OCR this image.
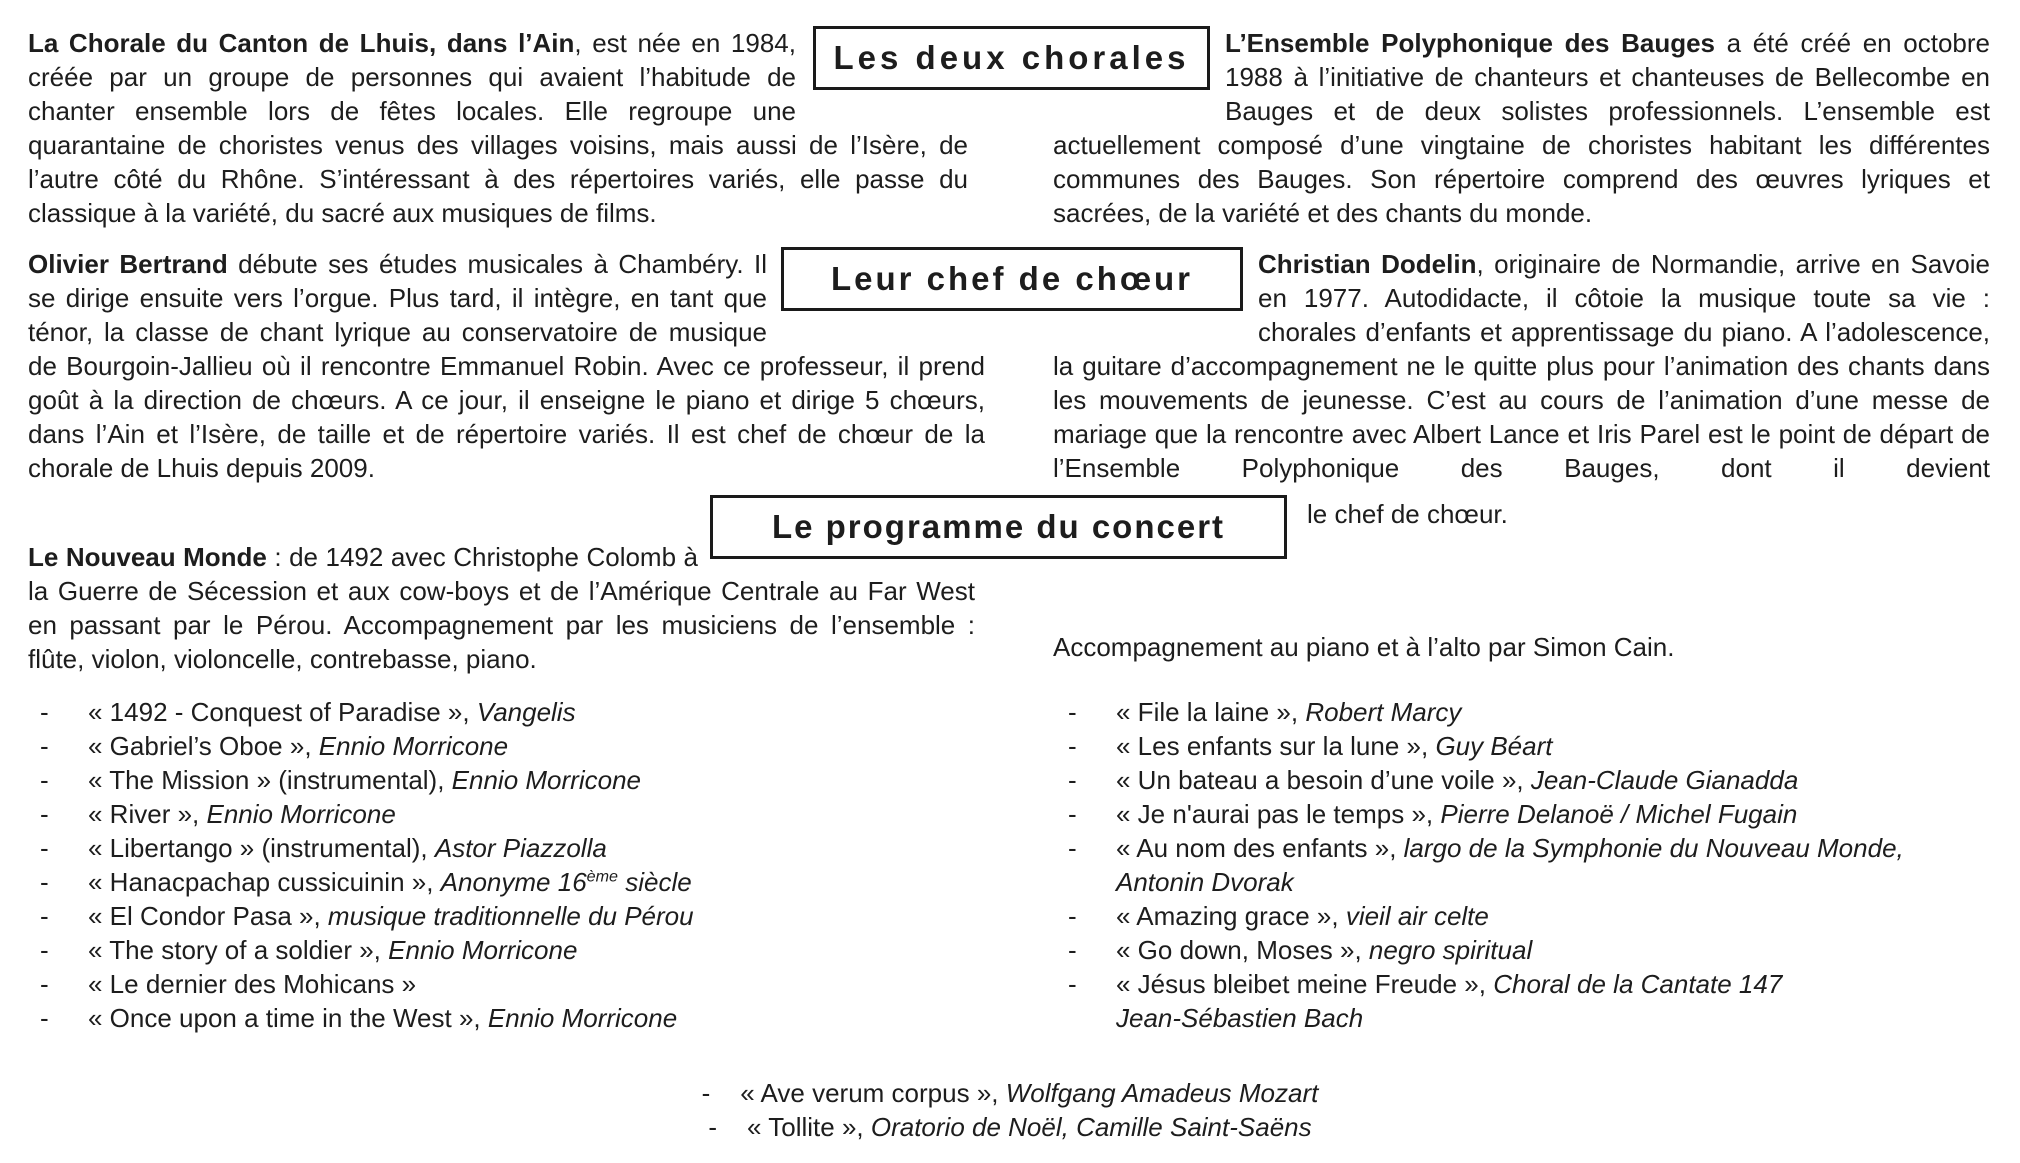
Les deux chorales
Leur chef de chœur
Le programme du concert

La Chorale du Canton de Lhuis, dans l’Ain, est née en 1984, créée par un groupe de personnes qui avaient l’habitude de chanter ensemble lors de fêtes locales. Elle regroupe une quarantaine de choristes venus des villages voisins, mais aussi de l’Isère, de l’autre côté du Rhône. S’intéressant à des répertoires variés, elle passe du classique à la variété, du sacré aux musiques de films.

L’Ensemble Polyphonique des Bauges a été créé en octobre 1988 à l’initiative de chanteurs et chanteuses de Bellecombe en Bauges et de deux solistes professionnels. L’ensemble est actuellement composé d’une vingtaine de choristes habitant les différentes communes des Bauges. Son répertoire comprend des œuvres lyriques et sacrées, de la variété et des chants du monde.

Olivier Bertrand débute ses études musicales à Chambéry. Il se dirige ensuite vers l’orgue. Plus tard, il intègre, en tant que ténor, la classe de chant lyrique au conservatoire de musique de Bourgoin-Jallieu où il rencontre Emmanuel Robin. Avec ce professeur, il prend goût à la direction de chœurs. A ce jour, il enseigne le piano et dirige 5 chœurs, dans l’Ain et l’Isère, de taille et de répertoire variés. Il est chef de chœur de la chorale de Lhuis depuis 2009.

Christian Dodelin, originaire de Normandie, arrive en Savoie en 1977. Autodidacte, il côtoie la musique toute sa vie : chorales d’enfants et apprentissage du piano. A l’adolescence, la guitare d’accompagnement ne le quitte plus pour l’animation des chants dans les mouvements de jeunesse. C’est au cours de l’animation d’une messe de mariage que la rencontre avec Albert Lance et Iris Parel est le point de départ de l’Ensemble Polyphonique des Bauges, dont il devient

le chef de chœur.

Le Nouveau Monde : de 1492 avec Christophe Colomb à la Guerre de Sécession et aux cow-boys et de l’Amérique Centrale au Far West en passant par le Pérou. Accompagnement par les musiciens de l’ensemble : flûte, violon, violoncelle, contrebasse, piano.	Accompagnement au piano et à l’alto par Simon Cain.
- « 1492 - Conquest of Paradise », Vangelis
- « Gabriel’s Oboe », Ennio Morricone
- « The Mission » (instrumental), Ennio Morricone
- « River », Ennio Morricone
- « Libertango » (instrumental), Astor Piazzolla
- « Hanacpachap cussicuinin », Anonyme 16ème siècle
- « El Condor Pasa », musique traditionnelle du Pérou
- « The story of a soldier », Ennio Morricone
- « Le dernier des Mohicans »
- « Once upon a time in the West », Ennio Morricone
- « File la laine », Robert Marcy
- « Les enfants sur la lune », Guy Béart
- « Un bateau a besoin d’une voile », Jean-Claude Gianadda
- « Je n'aurai pas le temps », Pierre Delanoë / Michel Fugain
- « Au nom des enfants », largo de la Symphonie du Nouveau Monde,
Antonin Dvorak
- « Amazing grace », vieil air celte
- « Go down, Moses », negro spiritual
- « Jésus bleibet meine Freude », Choral de la Cantate 147
Jean-Sébastien Bach
- « Ave verum corpus », Wolfgang Amadeus Mozart
- « Tollite », Oratorio de Noël, Camille Saint-Saëns
